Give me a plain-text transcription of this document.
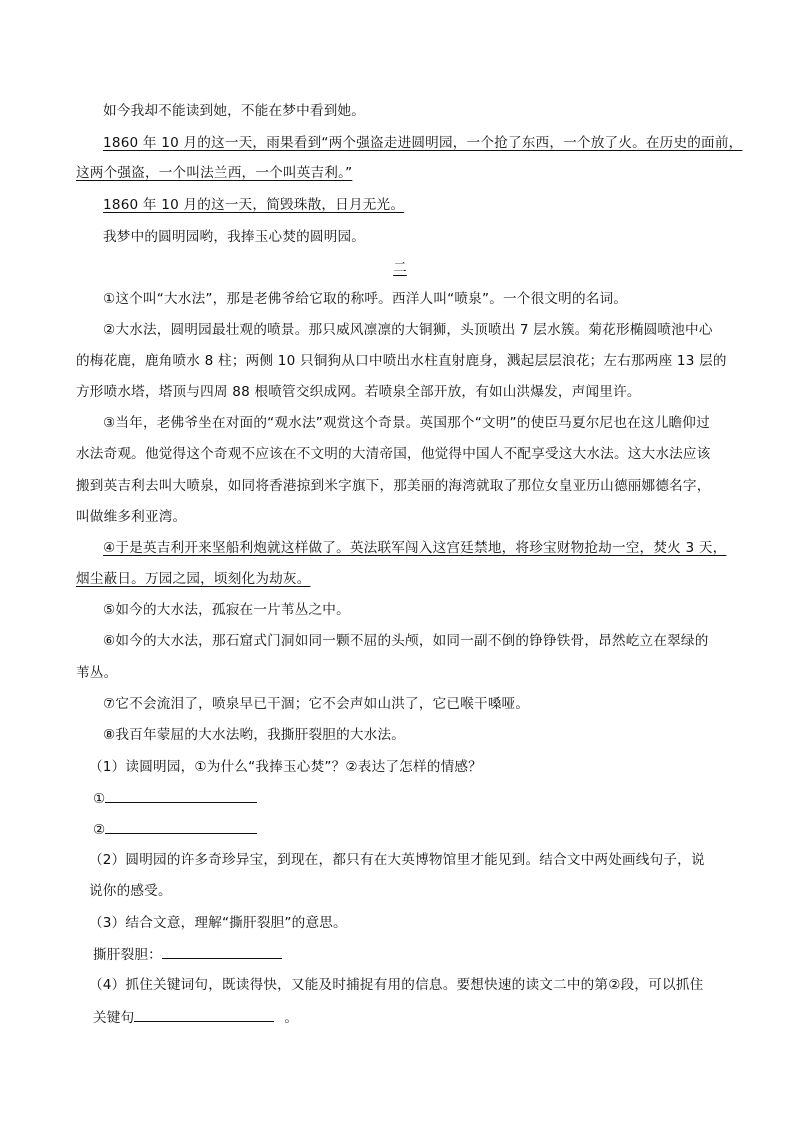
如今我却不能读到她，不能在梦中看到她。
1860 年 10 月的这一天，雨果看到“两个强盗走进圆明园，一个抢了东西，一个放了火。在历史的面前，
这两个强盗，一个叫法兰西，一个叫英吉利。”
1860 年 10 月的这一天，简毁珠散，日月无光。
我梦中的圆明园哟，我捧玉心焚的圆明园。
二
①这个叫“大水法”，那是老佛爷给它取的称呼。西洋人叫“喷泉”。一个很文明的名词。
②大水法，圆明园最壮观的喷景。那只威风凛凛的大铜狮，头顶喷出 7 层水簇。菊花形椭圆喷池中心
的梅花鹿，鹿角喷水 8 柱；两侧 10 只铜狗从口中喷出水柱直射鹿身，溅起层层浪花；左右那两座 13 层的
方形喷水塔，塔顶与四周 88 根喷管交织成网。若喷泉全部开放，有如山洪爆发，声闻里许。
③当年，老佛爷坐在对面的“观水法”观赏这个奇景。英国那个“文明”的使臣马夏尔尼也在这儿瞻仰过
水法奇观。他觉得这个奇观不应该在不文明的大清帝国，他觉得中国人不配享受这大水法。这大水法应该
搬到英吉利去叫大喷泉，如同将香港掠到米字旗下，那美丽的海湾就取了那位女皇亚历山德丽娜德名字，
叫做维多利亚湾。
④于是英吉利开来坚船利炮就这样做了。英法联军闯入这宫廷禁地，将珍宝财物抢劫一空，焚火 3 天，
烟尘蔽日。万园之园，顷刻化为劫灰。
⑤如今的大水法，孤寂在一片苇丛之中。
⑥如今的大水法，那石窟式门洞如同一颗不屈的头颅，如同一副不倒的铮铮铁骨，昂然屹立在翠绿的
苇丛。
⑦它不会流泪了，喷泉早已干涸；它不会声如山洪了，它已喉干嗓哑。
⑧我百年蒙屈的大水法哟，我撕肝裂胆的大水法。
（1）读圆明园，①为什么“我捧玉心焚”？②表达了怎样的情感？
①
②
（2）圆明园的许多奇珍异宝，到现在，都只有在大英博物馆里才能见到。结合文中两处画线句子，说
说你的感受。
（3）结合文意，理解“撕肝裂胆”的意思。
撕肝裂胆：
（4）抓住关键词句，既读得快，又能及时捕捉有用的信息。要想快速的读文二中的第②段，可以抓住
关键句	。
